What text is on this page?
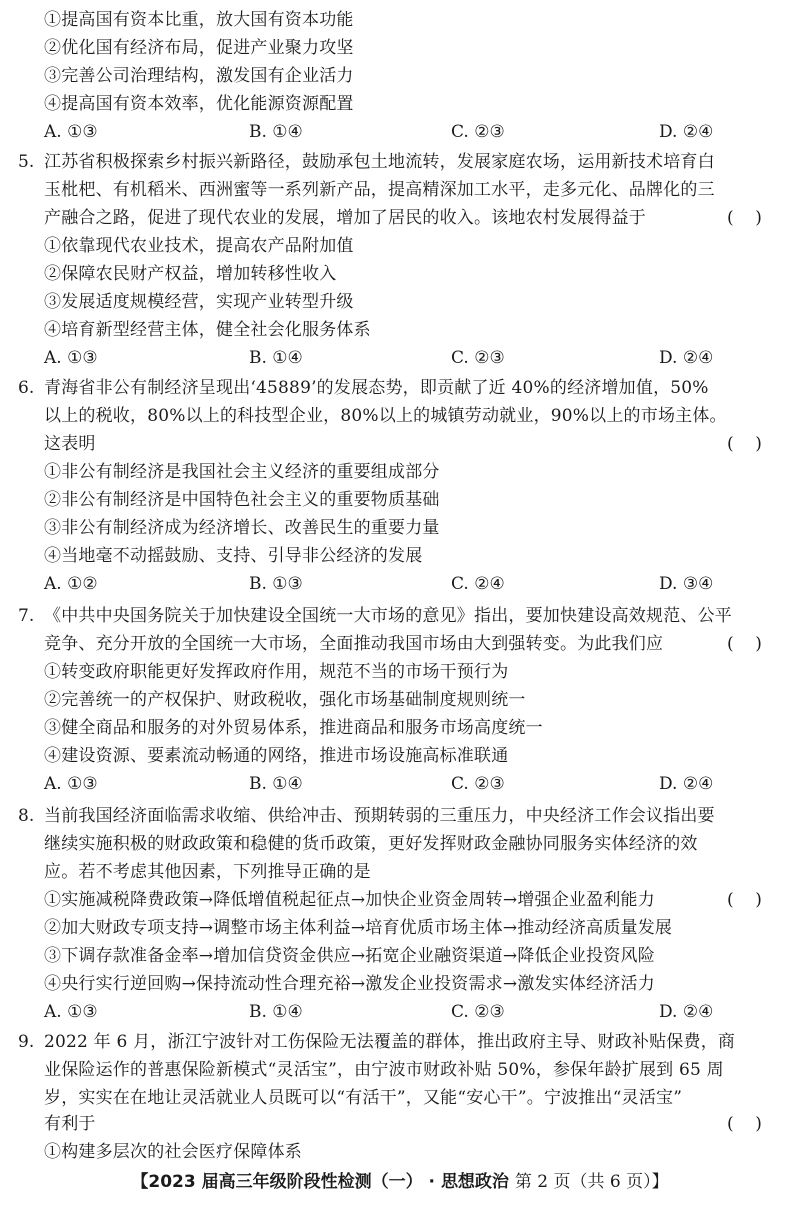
①提高国有资本比重，放大国有资本功能
②优化国有经济布局，促进产业聚力攻坚
③完善公司治理结构，激发国有企业活力
④提高国有资本效率，优化能源资源配置
A. ①③	B. ①④	C. ②③	D. ②④
5. 江苏省积极探索乡村振兴新路径，鼓励承包土地流转，发展家庭农场，运用新技术培育白
玉枇杷、有机稻米、西洲蜜等一系列新产品，提高精深加工水平，走多元化、品牌化的三
产融合之路，促进了现代农业的发展，增加了居民的收入。该地农村发展得益于	(    )
①依靠现代农业技术，提高农产品附加值
②保障农民财产权益，增加转移性收入
③发展适度规模经营，实现产业转型升级
④培育新型经营主体，健全社会化服务体系
A. ①③	B. ①④	C. ②③	D. ②④
6. 青海省非公有制经济呈现出‘45889’的发展态势，即贡献了近 40%的经济增加值，50%
以上的税收，80%以上的科技型企业，80%以上的城镇劳动就业，90%以上的市场主体。
这表明	(    )
①非公有制经济是我国社会主义经济的重要组成部分
②非公有制经济是中国特色社会主义的重要物质基础
③非公有制经济成为经济增长、改善民生的重要力量
④当地毫不动摇鼓励、支持、引导非公经济的发展
A. ①②	B. ①③	C. ②④	D. ③④
7. 《中共中央国务院关于加快建设全国统一大市场的意见》指出，要加快建设高效规范、公平
竞争、充分开放的全国统一大市场，全面推动我国市场由大到强转变。为此我们应	(    )
①转变政府职能更好发挥政府作用，规范不当的市场干预行为
②完善统一的产权保护、财政税收，强化市场基础制度规则统一
③健全商品和服务的对外贸易体系，推进商品和服务市场高度统一
④建设资源、要素流动畅通的网络，推进市场设施高标准联通
A. ①③	B. ①④	C. ②③	D. ②④
8. 当前我国经济面临需求收缩、供给冲击、预期转弱的三重压力，中央经济工作会议指出要
继续实施积极的财政政策和稳健的货币政策，更好发挥财政金融协同服务实体经济的效
应。若不考虑其他因素，下列推导正确的是
(    )
①实施减税降费政策→降低增值税起征点→加快企业资金周转→增强企业盈利能力
②加大财政专项支持→调整市场主体利益→培育优质市场主体→推动经济高质量发展
③下调存款准备金率→增加信贷资金供应→拓宽企业融资渠道→降低企业投资风险
④央行实行逆回购→保持流动性合理充裕→激发企业投资需求→激发实体经济活力
A. ①③	B. ①④	C. ②③	D. ②④
9. 2022 年 6 月，浙江宁波针对工伤保险无法覆盖的群体，推出政府主导、财政补贴保费，商
业保险运作的普惠保险新模式“灵活宝”，由宁波市财政补贴 50%，参保年龄扩展到 65 周
岁，实实在在地让灵活就业人员既可以“有活干”，又能“安心干”。宁波推出“灵活宝”
有利于	(    )
①构建多层次的社会医疗保障体系
【2023 届高三年级阶段性检测（一） · 思想政治 第 2 页（共 6 页）】
